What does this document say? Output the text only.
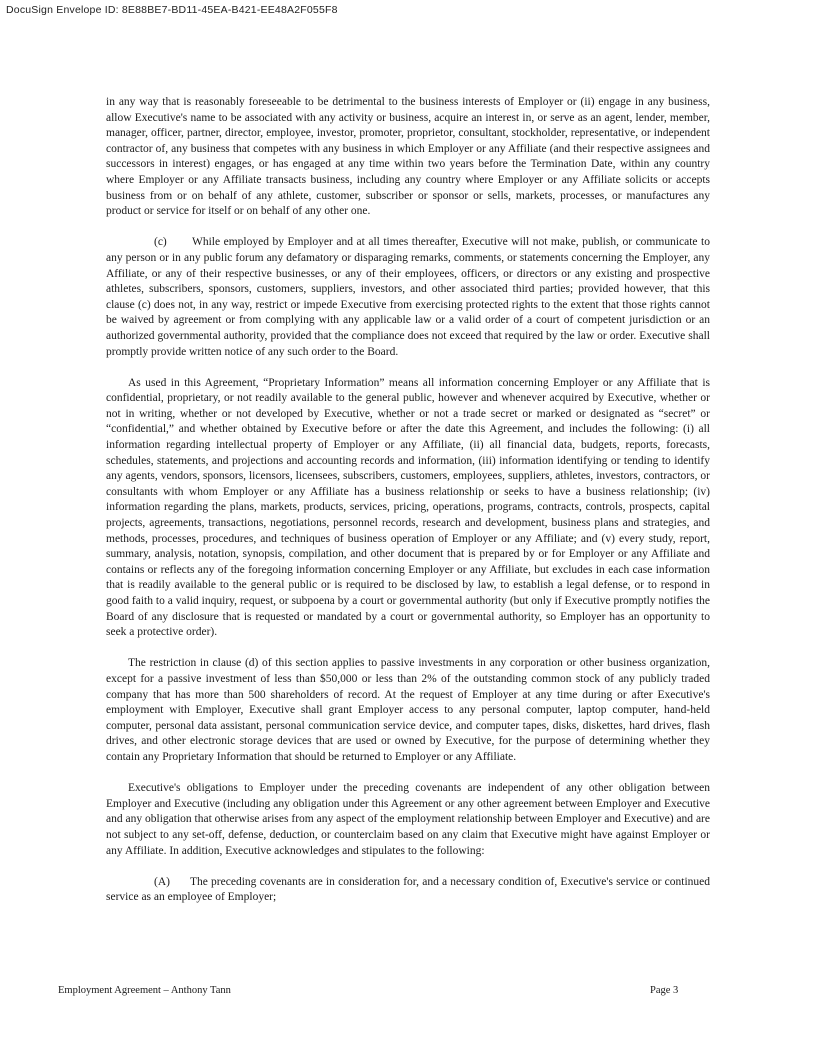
DocuSign Envelope ID: 8E88BE7-BD11-45EA-B421-EE48A2F055F8

in any way that is reasonably foreseeable to be detrimental to the business interests of Employer or (ii) engage in any business, allow Executive's name to be associated with any activity or business, acquire an interest in, or serve as an agent, lender, member, manager, officer, partner, director, employee, investor, promoter, proprietor, consultant, stockholder, representative, or independent contractor of, any business that competes with any business in which Employer or any Affiliate (and their respective assignees and successors in interest) engages, or has engaged at any time within two years before the Termination Date, within any country where Employer or any Affiliate transacts business, including any country where Employer or any Affiliate solicits or accepts business from or on behalf of any athlete, customer, subscriber or sponsor or sells, markets, processes, or manufactures any product or service for itself or on behalf of any other one.

(c) While employed by Employer and at all times thereafter, Executive will not make, publish, or communicate to any person or in any public forum any defamatory or disparaging remarks, comments, or statements concerning the Employer, any Affiliate, or any of their respective businesses, or any of their employees, officers, or directors or any existing and prospective athletes, subscribers, sponsors, customers, suppliers, investors, and other associated third parties; provided however, that this clause (c) does not, in any way, restrict or impede Executive from exercising protected rights to the extent that those rights cannot be waived by agreement or from complying with any applicable law or a valid order of a court of competent jurisdiction or an authorized governmental authority, provided that the compliance does not exceed that required by the law or order. Executive shall promptly provide written notice of any such order to the Board.

As used in this Agreement, “Proprietary Information” means all information concerning Employer or any Affiliate that is confidential, proprietary, or not readily available to the general public, however and whenever acquired by Executive, whether or not in writing, whether or not developed by Executive, whether or not a trade secret or marked or designated as “secret” or “confidential,” and whether obtained by Executive before or after the date this Agreement, and includes the following: (i) all information regarding intellectual property of Employer or any Affiliate, (ii) all financial data, budgets, reports, forecasts, schedules, statements, and projections and accounting records and information, (iii) information identifying or tending to identify any agents, vendors, sponsors, licensors, licensees, subscribers, customers, employees, suppliers, athletes, investors, contractors, or consultants with whom Employer or any Affiliate has a business relationship or seeks to have a business relationship; (iv) information regarding the plans, markets, products, services, pricing, operations, programs, contracts, controls, prospects, capital projects, agreements, transactions, negotiations, personnel records, research and development, business plans and strategies, and methods, processes, procedures, and techniques of business operation of Employer or any Affiliate; and (v) every study, report, summary, analysis, notation, synopsis, compilation, and other document that is prepared by or for Employer or any Affiliate and contains or reflects any of the foregoing information concerning Employer or any Affiliate, but excludes in each case information that is readily available to the general public or is required to be disclosed by law, to establish a legal defense, or to respond in good faith to a valid inquiry, request, or subpoena by a court or governmental authority (but only if Executive promptly notifies the Board of any disclosure that is requested or mandated by a court or governmental authority, so Employer has an opportunity to seek a protective order).

The restriction in clause (d) of this section applies to passive investments in any corporation or other business organization, except for a passive investment of less than $50,000 or less than 2% of the outstanding common stock of any publicly traded company that has more than 500 shareholders of record. At the request of Employer at any time during or after Executive's employment with Employer, Executive shall grant Employer access to any personal computer, laptop computer, hand-held computer, personal data assistant, personal communication service device, and computer tapes, disks, diskettes, hard drives, flash drives, and other electronic storage devices that are used or owned by Executive, for the purpose of determining whether they contain any Proprietary Information that should be returned to Employer or any Affiliate.

Executive's obligations to Employer under the preceding covenants are independent of any other obligation between Employer and Executive (including any obligation under this Agreement or any other agreement between Employer and Executive and any obligation that otherwise arises from any aspect of the employment relationship between Employer and Executive) and are not subject to any set-off, defense, deduction, or counterclaim based on any claim that Executive might have against Employer or any Affiliate. In addition, Executive acknowledges and stipulates to the following:

(A) The preceding covenants are in consideration for, and a necessary condition of, Executive's service or continued service as an employee of Employer;

Employment Agreement – Anthony Tann	Page 3
